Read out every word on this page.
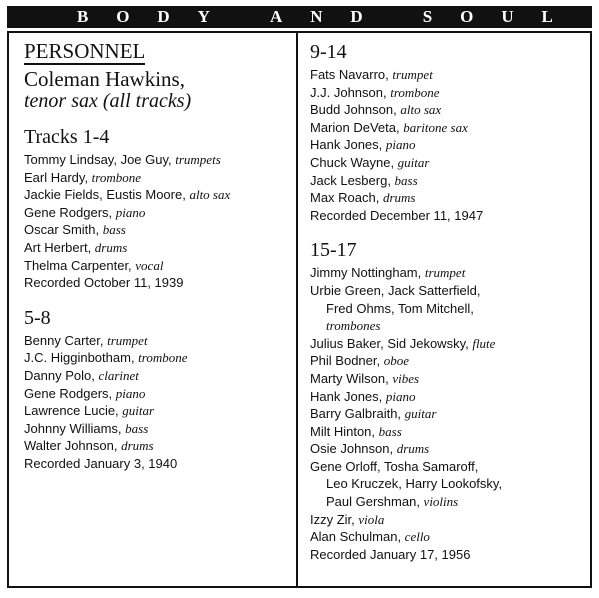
B O D Y
	A N D
	S O U L
PERSONNEL
Coleman Hawkins,
tenor sax (all tracks)
Tracks 1-4
Tommy Lindsay, Joe Guy, trumpets
Earl Hardy, trombone
Jackie Fields, Eustis Moore, alto sax
Gene Rodgers, piano
Oscar Smith, bass
Art Herbert, drums
Thelma Carpenter, vocal
Recorded October 11, 1939
5-8
Benny Carter, trumpet
J.C. Higginbotham, trombone
Danny Polo, clarinet
Gene Rodgers, piano
Lawrence Lucie, guitar
Johnny Williams, bass
Walter Johnson, drums
Recorded January 3, 1940
9-14
Fats Navarro, trumpet
J.J. Johnson, trombone
Budd Johnson, alto sax
Marion DeVeta, baritone sax
Hank Jones, piano
Chuck Wayne, guitar
Jack Lesberg, bass
Max Roach, drums
Recorded December 11, 1947
15-17
Jimmy Nottingham, trumpet
Urbie Green, Jack Satterfield,
Fred Ohms, Tom Mitchell,
trombones
Julius Baker, Sid Jekowsky, flute
Phil Bodner, oboe
Marty Wilson, vibes
Hank Jones, piano
Barry Galbraith, guitar
Milt Hinton, bass
Osie Johnson, drums
Gene Orloff, Tosha Samaroff,
Leo Kruczek, Harry Lookofsky,
Paul Gershman, violins
Izzy Zir, viola
Alan Schulman, cello
Recorded January 17, 1956
